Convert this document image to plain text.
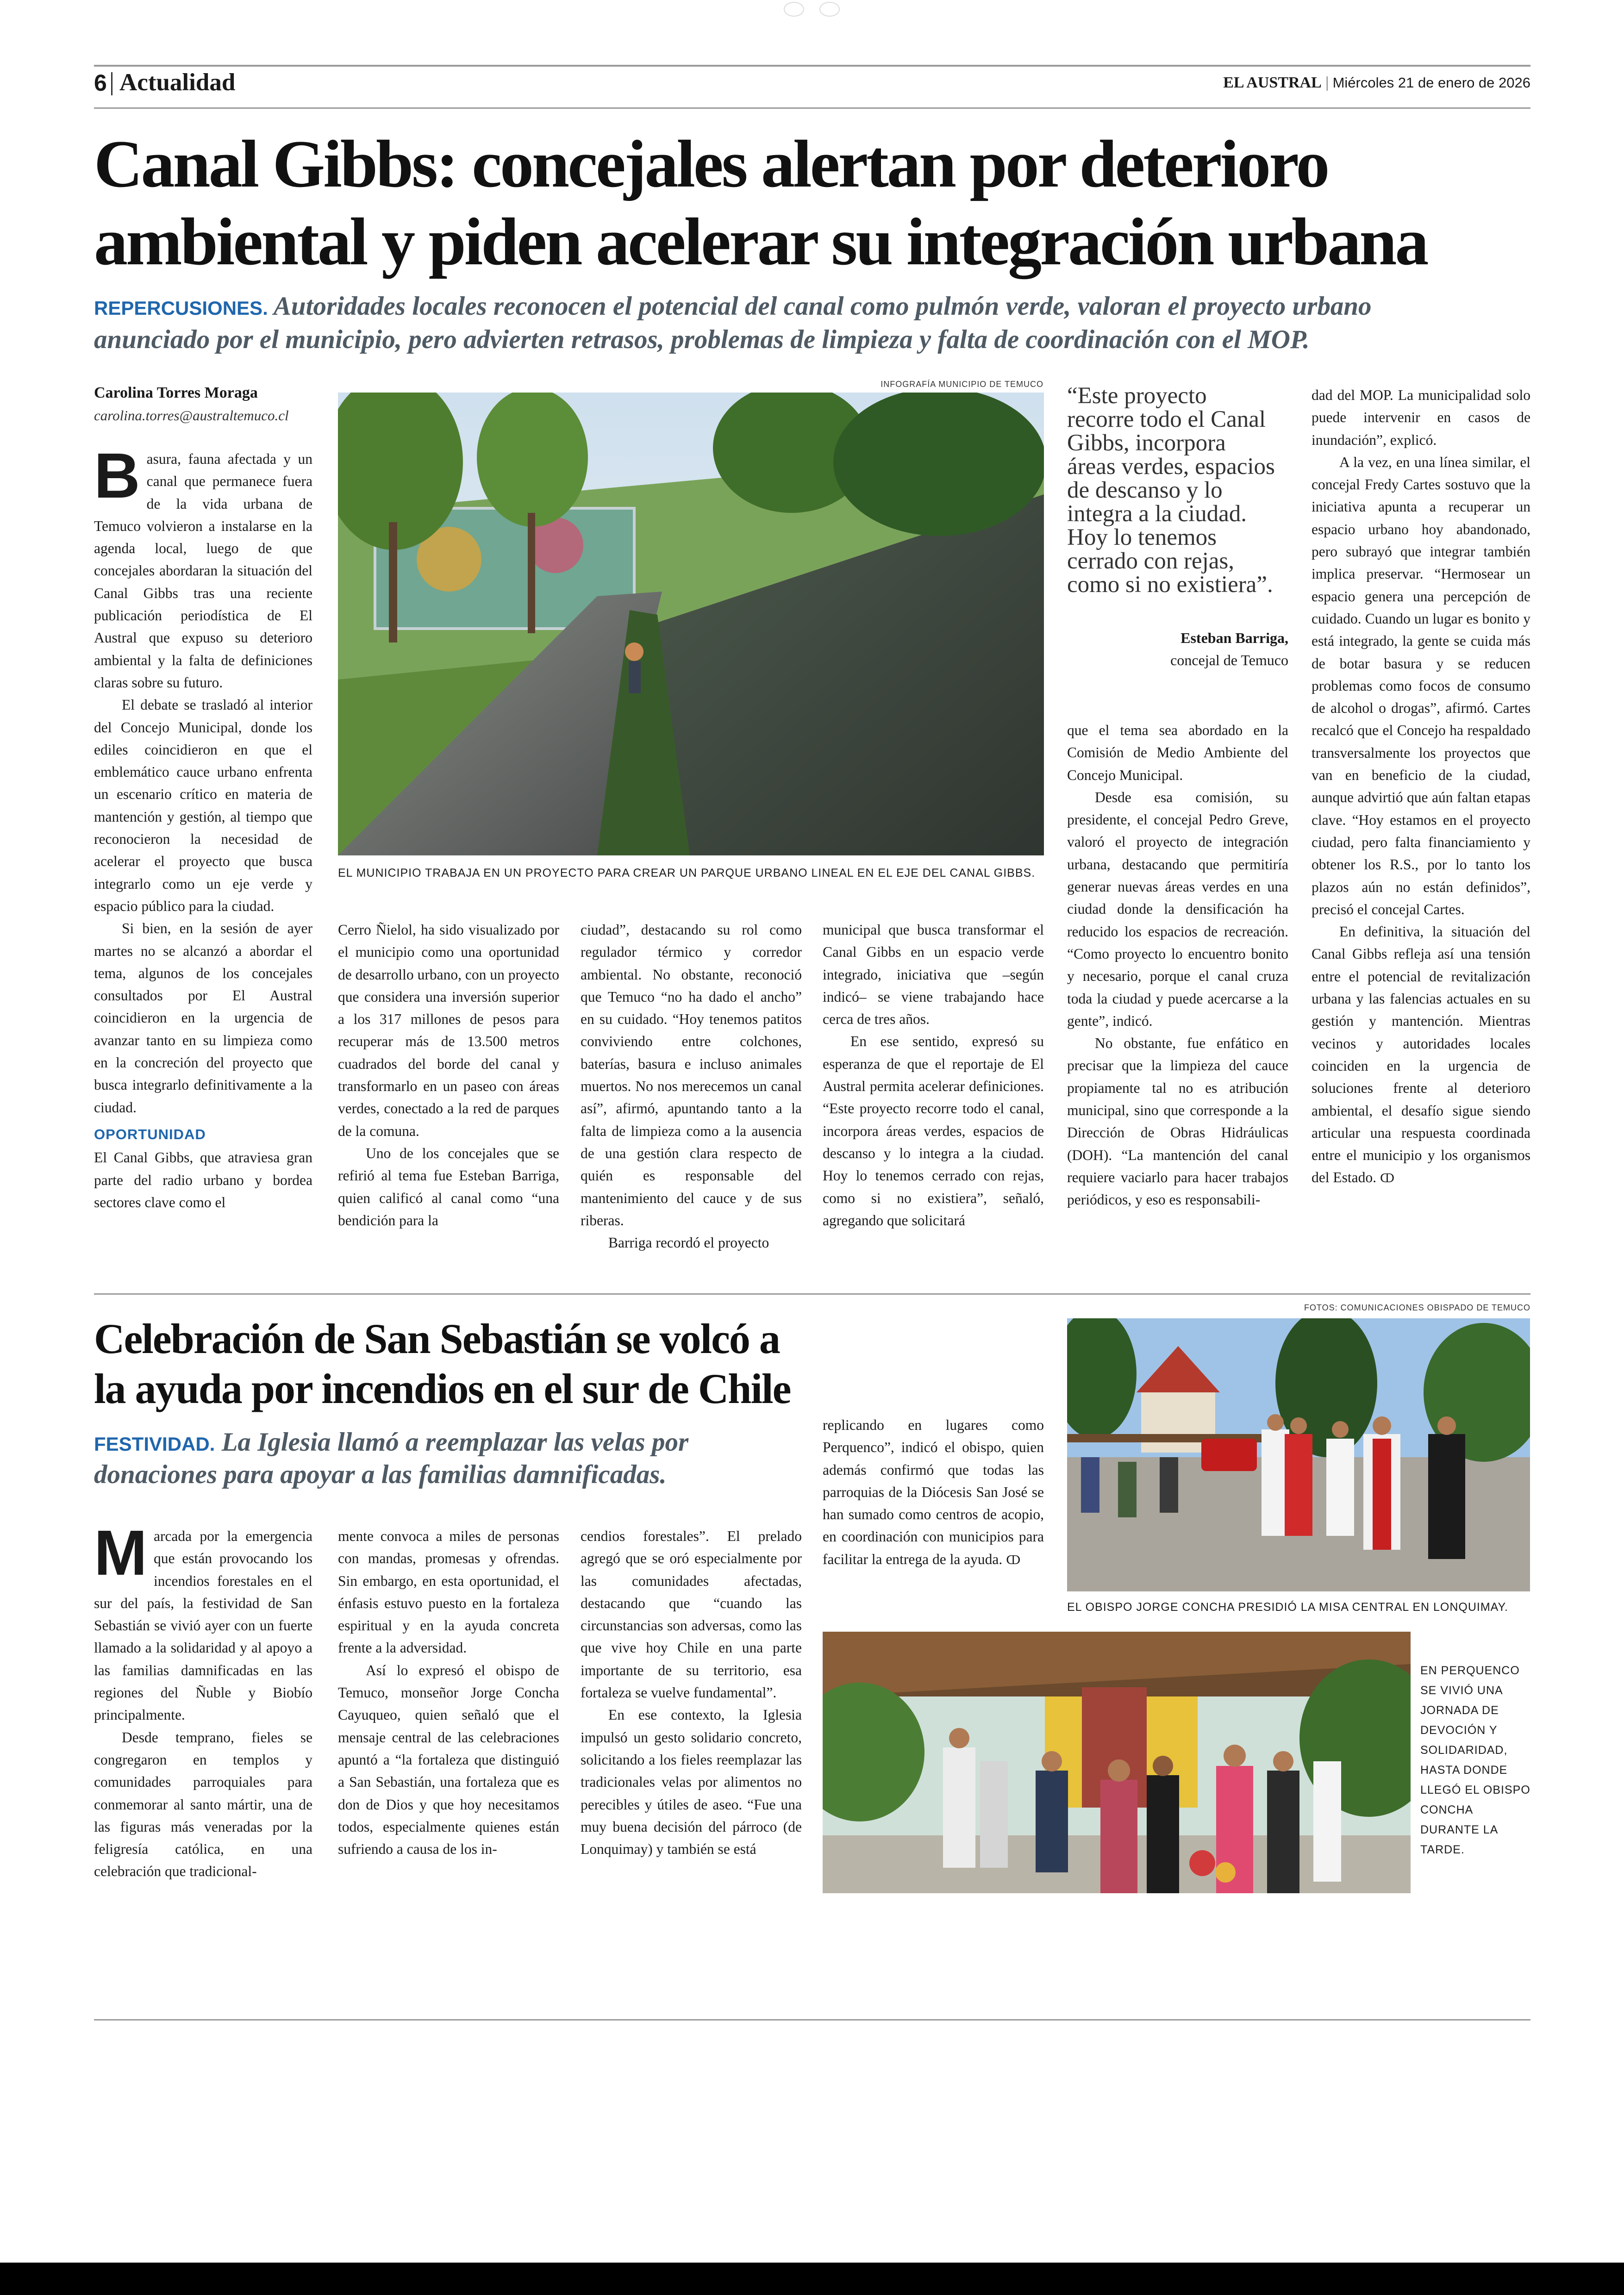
6 Actualidad	EL AUSTRAL | Miércoles 21 de enero de 2026
Canal Gibbs: concejales alertan por deterioro
ambiental y piden acelerar su integración urbana
REPERCUSIONES. Autoridades locales reconocen el potencial del canal como pulmón verde, valoran el proyecto urbano
anunciado por el municipio, pero advierten retrasos, problemas de limpieza y falta de coordinación con el MOP.
Carolina Torres Moraga
carolina.torres@australtemuco.cl

Basura, fauna afectada y un canal que permanece fuera de la vida urbana de Temuco volvieron a instalarse en la agenda local, luego de que concejales abordaran la situación del Canal Gibbs tras una reciente publicación periodística de El Austral que expuso su deterioro ambiental y la falta de definiciones claras sobre su futuro.

El debate se trasladó al interior del Concejo Municipal, donde los ediles coincidieron en que el emblemático cauce urbano enfrenta un escenario crítico en materia de mantención y gestión, al tiempo que reconocieron la necesidad de acelerar el proyecto que busca integrarlo como un eje verde y espacio público para la ciudad.

Si bien, en la sesión de ayer martes no se alcanzó a abordar el tema, algunos de los concejales consultados por El Austral coincidieron en la urgencia de avanzar tanto en su limpieza como en la concreción del proyecto que busca integrarlo definitivamente a la ciudad.

OPORTUNIDAD

El Canal Gibbs, que atraviesa gran parte del radio urbano y bordea sectores clave como el

INFOGRAFÍA MUNICIPIO DE TEMUCO
EL MUNICIPIO TRABAJA EN UN PROYECTO PARA CREAR UN PARQUE URBANO LINEAL EN EL EJE DEL CANAL GIBBS.
“Este proyecto recorre todo el Canal Gibbs, incorpora áreas verdes, espacios de descanso y lo integra a la ciudad. Hoy lo tenemos cerrado con rejas, como si no existiera”.
Esteban Barriga,
concejal de Temuco

que el tema sea abordado en la Comisión de Medio Ambiente del Concejo Municipal.

Desde esa comisión, su presidente, el concejal Pedro Greve, valoró el proyecto de integración urbana, destacando que permitiría generar nuevas áreas verdes en una ciudad donde la densificación ha reducido los espacios de recreación. “Como proyecto lo encuentro bonito y necesario, porque el canal cruza toda la ciudad y puede acercarse a la gente”, indicó.

No obstante, fue enfático en precisar que la limpieza del cauce propiamente tal no es atribución municipal, sino que corresponde a la Dirección de Obras Hidráulicas (DOH). “La mantención del canal requiere vaciarlo para hacer trabajos periódicos, y eso es responsabili-

dad del MOP. La municipalidad solo puede intervenir en casos de inundación”, explicó.

A la vez, en una línea similar, el concejal Fredy Cartes sostuvo que la iniciativa apunta a recuperar un espacio urbano hoy abandonado, pero subrayó que integrar también implica preservar. “Hermosear un espacio genera una percepción de cuidado. Cuando un lugar es bonito y está integrado, la gente se cuida más de botar basura y se reducen problemas como focos de consumo de alcohol o drogas”, afirmó. Cartes recalcó que el Concejo ha respaldado transversalmente los proyectos que van en beneficio de la ciudad, aunque advirtió que aún faltan etapas clave. “Hoy estamos en el proyecto ciudad, pero falta financiamiento y obtener los R.S., por lo tanto los plazos aún no están definidos”, precisó el concejal Cartes.

En definitiva, la situación del Canal Gibbs refleja así una tensión entre el potencial de revitalización urbana y las falencias actuales en su gestión y mantención. Mientras vecinos y autoridades locales coinciden en la urgencia de soluciones frente al deterioro ambiental, el desafío sigue siendo articular una respuesta coordinada entre el municipio y los organismos del Estado. ↀ

Cerro Ñielol, ha sido visualizado por el municipio como una oportunidad de desarrollo urbano, con un proyecto que considera una inversión superior a los 317 millones de pesos para recuperar más de 13.500 metros cuadrados del borde del canal y transformarlo en un paseo con áreas verdes, conectado a la red de parques de la comuna.

Uno de los concejales que se refirió al tema fue Esteban Barriga, quien calificó al canal como “una bendición para la

ciudad”, destacando su rol como regulador térmico y corredor ambiental. No obstante, reconoció que Temuco “no ha dado el ancho” en su cuidado. “Hoy tenemos patitos conviviendo entre colchones, baterías, basura e incluso animales muertos. No nos merecemos un canal así”, afirmó, apuntando tanto a la falta de limpieza como a la ausencia de una gestión clara respecto de quién es responsable del mantenimiento del cauce y de sus riberas.

Barriga recordó el proyecto

municipal que busca transformar el Canal Gibbs en un espacio verde integrado, iniciativa que –según indicó– se viene trabajando hace cerca de tres años.

En ese sentido, expresó su esperanza de que el reportaje de El Austral permita acelerar definiciones. “Este proyecto recorre todo el canal, incorpora áreas verdes, espacios de descanso y lo integra a la ciudad. Hoy lo tenemos cerrado con rejas, como si no existiera”, señaló, agregando que solicitará

Celebración de San Sebastián se volcó a
la ayuda por incendios en el sur de Chile
FESTIVIDAD. La Iglesia llamó a reemplazar las velas por
donaciones para apoyar a las familias damnificadas.

Marcada por la emergencia que están provocando los incendios forestales en el sur del país, la festividad de San Sebastián se vivió ayer con un fuerte llamado a la solidaridad y al apoyo a las familias damnificadas en las regiones del Ñuble y Biobío principalmente.

Desde temprano, fieles se congregaron en templos y comunidades parroquiales para conmemorar al santo mártir, una de las figuras más veneradas por la feligresía católica, en una celebración que tradicional-

mente convoca a miles de personas con mandas, promesas y ofrendas. Sin embargo, en esta oportunidad, el énfasis estuvo puesto en la fortaleza espiritual y en la ayuda concreta frente a la adversidad.

Así lo expresó el obispo de Temuco, monseñor Jorge Concha Cayuqueo, quien señaló que el mensaje central de las celebraciones apuntó a “la fortaleza que distinguió a San Sebastián, una fortaleza que es don de Dios y que hoy necesitamos todos, especialmente quienes están sufriendo a causa de los in-

cendios forestales”. El prelado agregó que se oró especialmente por las comunidades afectadas, destacando que “cuando las circunstancias son adversas, como las que vive hoy Chile en una parte importante de su territorio, esa fortaleza se vuelve fundamental”.

En ese contexto, la Iglesia impulsó un gesto solidario concreto, solicitando a los fieles reemplazar las tradicionales velas por alimentos no perecibles y útiles de aseo. “Fue una muy buena decisión del párroco (de Lonquimay) y también se está

replicando en lugares como Perquenco”, indicó el obispo, quien además confirmó que todas las parroquias de la Diócesis San José se han sumado como centros de acopio, en coordinación con municipios para facilitar la entrega de la ayuda. ↀ

FOTOS: COMUNICACIONES OBISPADO DE TEMUCO
EL OBISPO JORGE CONCHA PRESIDIÓ LA MISA CENTRAL EN LONQUIMAY.
EN PERQUENCO SE VIVIÓ UNA JORNADA DE DEVOCIÓN Y SOLIDARIDAD, HASTA DONDE LLEGÓ EL OBISPO CONCHA DURANTE LA TARDE.
